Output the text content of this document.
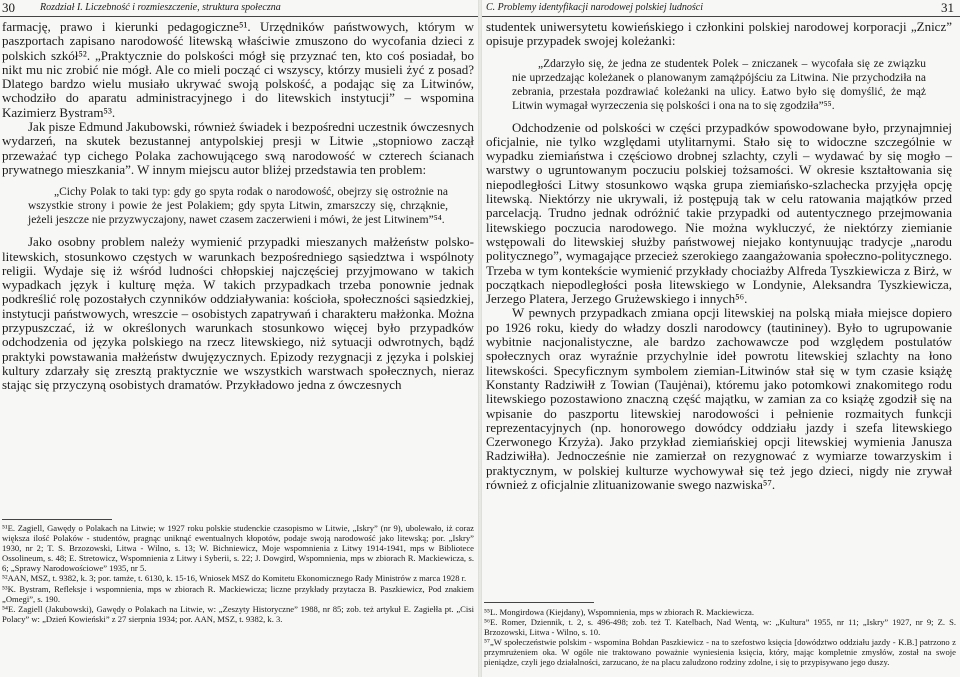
30	Rozdział I. Liczebność i rozmieszczenie, struktura społeczna

farmację, prawo i kierunki pedagogiczne⁵¹. Urzędników państwowych, którym w paszportach zapisano narodowość litewską właściwie zmuszono do wycofania dzieci z polskich szkół⁵². „Praktycznie do polskości mógł się przyznać ten, kto coś posiadał, bo nikt mu nic zrobić nie mógł. Ale co mieli począć ci wszyscy, którzy musieli żyć z posad? Dlatego bardzo wielu musiało ukrywać swoją polskość, a podając się za Litwinów, wchodziło do aparatu administracyjnego i do litewskich instytucji” – wspomina Kazimierz Bystram⁵³.

Jak pisze Edmund Jakubowski, również świadek i bezpośredni uczestnik ówczesnych wydarzeń, na skutek bezustannej antypolskiej presji w Litwie „stopniowo zaczął przeważać typ cichego Polaka zachowującego swą narodowość w czterech ścianach prywatnego mieszkania”. W innym miejscu autor bliżej przedstawia ten problem:

„Cichy Polak to taki typ: gdy go spyta rodak o narodowość, obejrzy się ostrożnie na wszystkie strony i powie że jest Polakiem; gdy spyta Litwin, zmarszczy się, chrząknie, jeżeli jeszcze nie przyzwyczajony, nawet czasem zaczerwieni i mówi, że jest Litwinem”⁵⁴.

Jako osobny problem należy wymienić przypadki mieszanych małżeństw polsko-litewskich, stosunkowo częstych w warunkach bezpośredniego sąsiedztwa i wspólnoty religii. Wydaje się iż wśród ludności chłopskiej najczęściej przyjmowano w takich wypadkach język i kulturę męża. W takich przypadkach trzeba ponownie jednak podkreślić rolę pozostałych czynników oddziaływania: kościoła, społeczności sąsiedzkiej, instytucji państwowych, wreszcie – osobistych zapatrywań i charakteru małżonka. Można przypuszczać, iż w określonych warunkach stosunkowo więcej było przypadków odchodzenia od języka polskiego na rzecz litewskiego, niż sytuacji odwrotnych, bądź praktyki powstawania małżeństw dwujęzycznych. Epizody rezygnacji z języka i polskiej kultury zdarzały się zresztą praktycznie we wszystkich warstwach społecznych, nieraz stając się przyczyną osobistych dramatów. Przykładowo jedna z ówczesnych

⁵¹E. Zagiell, Gawędy o Polakach na Litwie; w 1927 roku polskie studenckie czasopismo w Litwie, „Iskry” (nr 9), ubolewało, iż coraz większa ilość Polaków - studentów, pragnąc uniknąć ewentualnych kłopotów, podaje swoją narodowość jako litewską; por. „Iskry” 1930, nr 2; T. S. Brzozowski, Litwa - Wilno, s. 13; W. Bichniewicz, Moje wspomnienia z Litwy 1914-1941, mps w Bibliotece Ossolineum, s. 48; E. Stretowicz, Wspomnienia z Litwy i Syberii, s. 22; J. Dowgird, Wspomnienia, mps w zbiorach R. Mackiewicza, s. 6; „Sprawy Narodowościowe” 1935, nr 5.
⁵²AAN, MSZ, t. 9382, k. 3; por. tamże, t. 6130, k. 15-16, Wniosek MSZ do Komitetu Ekonomicznego Rady Ministrów z marca 1928 r.
⁵³K. Bystram, Refleksje i wspomnienia, mps w zbiorach R. Mackiewicza; liczne przykłady przytacza B. Paszkiewicz, Pod znakiem „Omegi”, s. 190.
⁵⁴E. Zagiell (Jakubowski), Gawędy o Polakach na Litwie, w: „Zeszyty Historyczne” 1988, nr 85; zob. też artykuł E. Zagiełła pt. „Cisi Polacy” w: „Dzień Kowieński” z 27 sierpnia 1934; por. AAN, MSZ, t. 9382, k. 3.
C. Problemy identyfikacji narodowej polskiej ludności	31

studentek uniwersytetu kowieńskiego i członkini polskiej narodowej korporacji „Znicz” opisuje przypadek swojej koleżanki:

„Zdarzyło się, że jedna ze studentek Polek – zniczanek – wycofała się ze związku nie uprzedzając koleżanek o planowanym zamążpójściu za Litwina. Nie przychodziła na zebrania, przestała pozdrawiać koleżanki na ulicy. Łatwo było się domyślić, że mąż Litwin wymagał wyrzeczenia się polskości i ona na to się zgodziła”⁵⁵.

Odchodzenie od polskości w części przypadków spowodowane było, przynajmniej oficjalnie, nie tylko względami utylitarnymi. Stało się to widoczne szczególnie w wypadku ziemiaństwa i częściowo drobnej szlachty, czyli – wydawać by się mogło – warstwy o ugruntowanym poczuciu polskiej tożsamości. W okresie kształtowania się niepodległości Litwy stosunkowo wąska grupa ziemiańsko-szlachecka przyjęła opcję litewską. Niektórzy nie ukrywali, iż postępują tak w celu ratowania majątków przed parcelacją. Trudno jednak odróżnić takie przypadki od autentycznego przejmowania litewskiego poczucia narodowego. Nie można wykluczyć, że niektórzy ziemianie wstępowali do litewskiej służby państwowej niejako kontynuując tradycje „narodu politycznego”, wymagające przecież szerokiego zaangażowania społeczno-politycznego. Trzeba w tym kontekście wymienić przykłady chociażby Alfreda Tyszkiewicza z Birż, w początkach niepodległości posła litewskiego w Londynie, Aleksandra Tyszkiewicza, Jerzego Platera, Jerzego Grużewskiego i innych⁵⁶.

W pewnych przypadkach zmiana opcji litewskiej na polską miała miejsce dopiero po 1926 roku, kiedy do władzy doszli narodowcy (tautininey). Było to ugrupowanie wybitnie nacjonalistyczne, ale bardzo zachowawcze pod względem postulatów społecznych oraz wyraźnie przychylnie ideł powrotu litewskiej szlachty na łono litewskości. Specyficznym symbolem ziemian-Litwinów stał się w tym czasie książę Konstanty Radziwiłł z Towian (Taujėnai), któremu jako potomkowi znakomitego rodu litewskiego pozostawiono znaczną część majątku, w zamian za co książę zgodził się na wpisanie do paszportu litewskiej narodowości i pełnienie rozmaitych funkcji reprezentacyjnych (np. honorowego dowódcy oddziału jazdy i szefa litewskiego Czerwonego Krzyża). Jako przykład ziemiańskiej opcji litewskiej wymienia Janusza Radziwiłła). Jednocześnie nie zamierzał on rezygnować z wymiarze towarzyskim i praktycznym, w polskiej kulturze wychowywał się też jego dzieci, nigdy nie zrywał również z oficjalnie zlituanizowanie swego nazwiska⁵⁷.

⁵⁵L. Mongirdowa (Kiejdany), Wspomnienia, mps w zbiorach R. Mackiewicza.
⁵⁶E. Romer, Dziennik, t. 2, s. 496-498; zob. też T. Katelbach, Nad Wentą, w: „Kultura” 1955, nr 11; „Iskry” 1927, nr 9; Z. S. Brzozowski, Litwa - Wilno, s. 10.
⁵⁷„W społeczeństwie polskim - wspomina Bohdan Paszkiewicz - na to szefostwo księcia [dowództwo oddziału jazdy - K.B.] patrzono z przymrużeniem oka. W ogóle nie traktowano poważnie wyniesienia księcia, który, mając kompletnie zmysłów, został na swoje pieniądze, czyli jego działalności, zarzucano, że na placu zaludzono rodziny zdolne, i się to przypisywano jego duszy.
